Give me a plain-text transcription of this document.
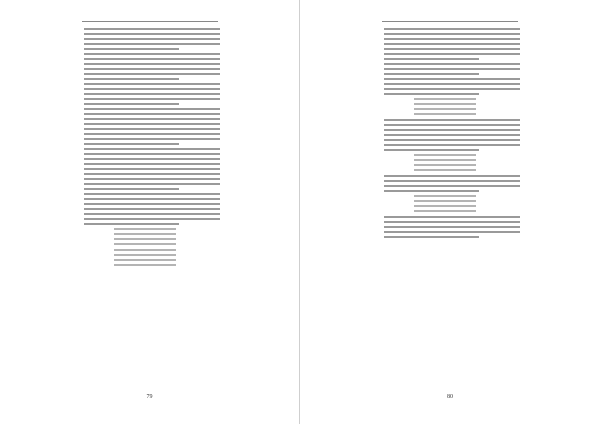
79	80
